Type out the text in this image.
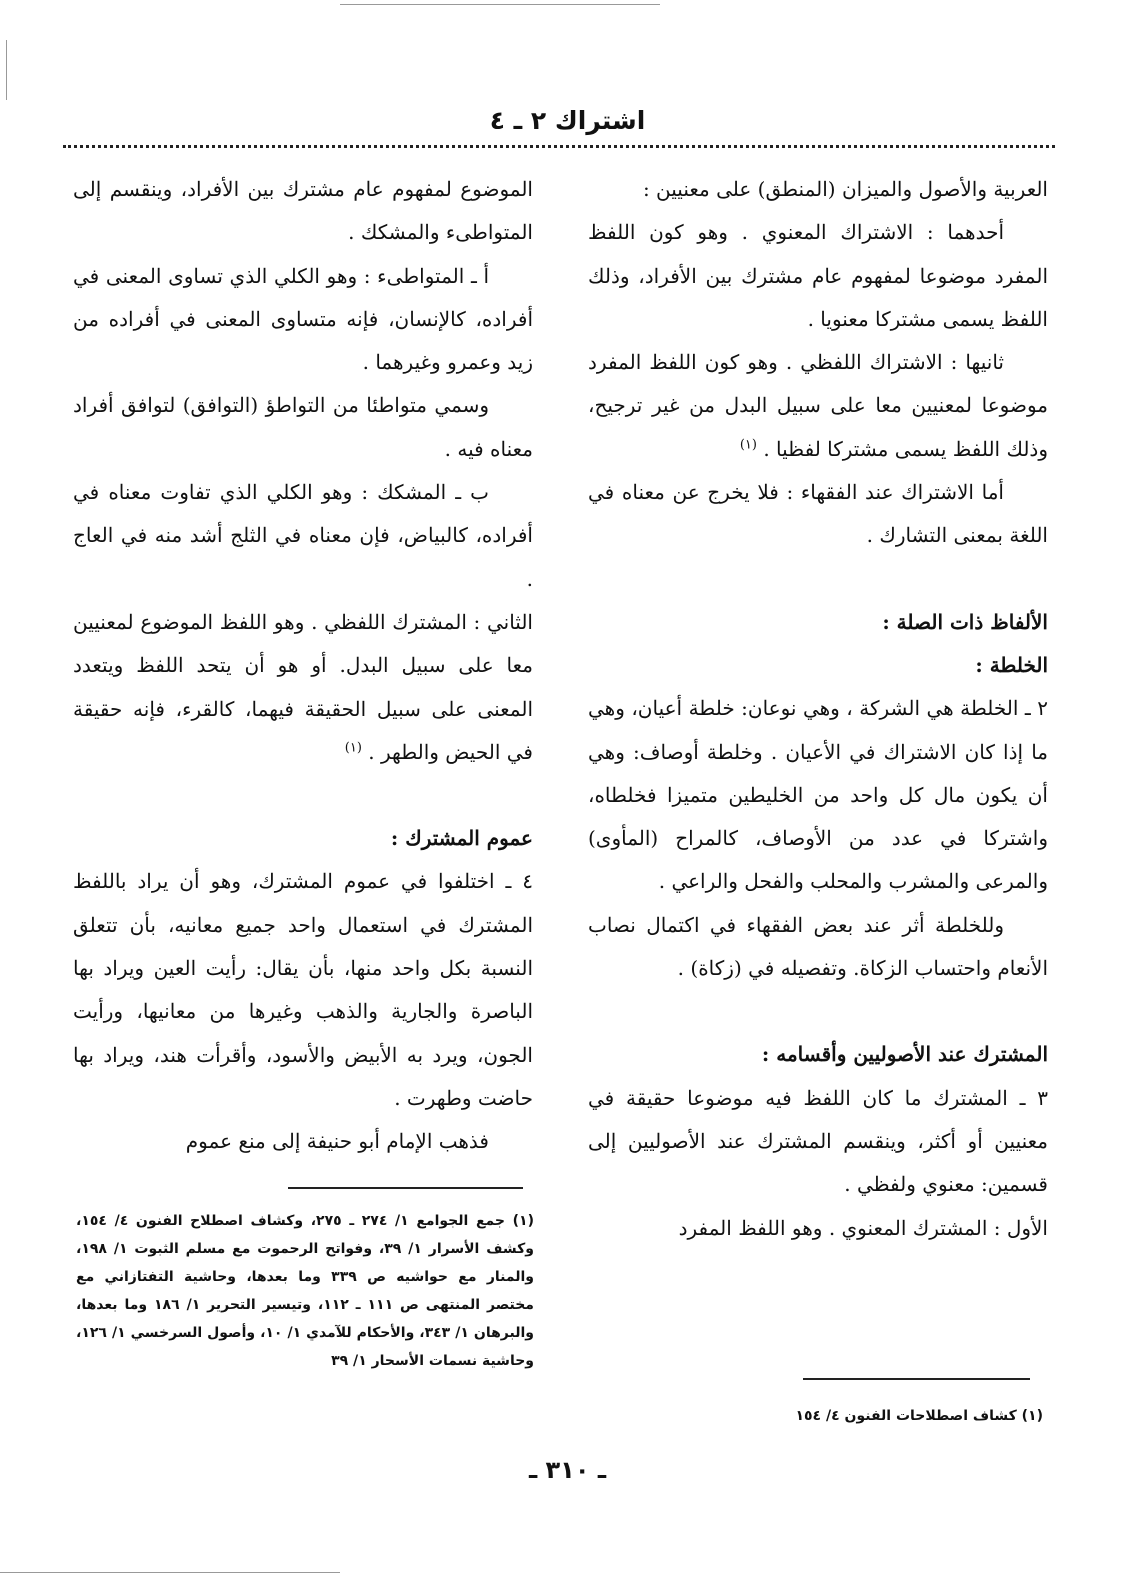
اشتراك ٢ ـ ٤

العربية والأصول والميزان (المنطق) على معنيين :

أحدهما : الاشتراك المعنوي . وهو كون اللفظ المفرد موضوعا لمفهوم عام مشترك بين الأفراد، وذلك اللفظ يسمى مشتركا معنويا .

ثانيها : الاشتراك اللفظي . وهو كون اللفظ المفرد موضوعا لمعنيين معا على سبيل البدل من غير ترجيح، وذلك اللفظ يسمى مشتركا لفظيا . $^{(١)}$

أما الاشتراك عند الفقهاء : فلا يخرج عن معناه في اللغة بمعنى التشارك .

الألفاظ ذات الصلة :

الخلطة :

٢ ـ الخلطة هي الشركة ، وهي نوعان: خلطة أعيان، وهي ما إذا كان الاشتراك في الأعيان . وخلطة أوصاف: وهي أن يكون مال كل واحد من الخليطين متميزا فخلطاه، واشتركا في عدد من الأوصاف، كالمراح (المأوى) والمرعى والمشرب والمحلب والفحل والراعي .

وللخلطة أثر عند بعض الفقهاء في اكتمال نصاب الأنعام واحتساب الزكاة. وتفصيله في (زكاة) .

المشترك عند الأصوليين وأقسامه :

٣ ـ المشترك ما كان اللفظ فيه موضوعا حقيقة في معنيين أو أكثر، وينقسم المشترك عند الأصوليين إلى قسمين: معنوي ولفظي .

الأول : المشترك المعنوي . وهو اللفظ المفرد

الموضوع لمفهوم عام مشترك بين الأفراد، وينقسم إلى المتواطىء والمشكك .

أ ـ المتواطىء : وهو الكلي الذي تساوى المعنى في أفراده، كالإنسان، فإنه متساوى المعنى في أفراده من زيد وعمرو وغيرهما .

وسمي متواطئا من التواطؤ (التوافق) لتوافق أفراد معناه فيه .

ب ـ المشكك : وهو الكلي الذي تفاوت معناه في أفراده، كالبياض، فإن معناه في الثلج أشد منه في العاج .

الثاني : المشترك اللفظي . وهو اللفظ الموضوع لمعنيين معا على سبيل البدل. أو هو أن يتحد اللفظ ويتعدد المعنى على سبيل الحقيقة فيهما، كالقرء، فإنه حقيقة في الحيض والطهر . $^{(١)}$

عموم المشترك :

٤ ـ اختلفوا في عموم المشترك، وهو أن يراد باللفظ المشترك في استعمال واحد جميع معانيه، بأن تتعلق النسبة بكل واحد منها، بأن يقال: رأيت العين ويراد بها الباصرة والجارية والذهب وغيرها من معانيها، ورأيت الجون، ويرد به الأبيض والأسود، وأقرأت هند، ويراد بها حاضت وطهرت .

فذهب الإمام أبو حنيفة إلى منع عموم

(١) جمع الجوامع ١/ ٢٧٤ ـ ٢٧٥، وكشاف اصطلاح الفنون ٤/ ١٥٤، وكشف الأسرار ١/ ٣٩، وفواتح الرحموت مع مسلم الثبوت ١/ ١٩٨، والمنار مع حواشيه ص ٣٣٩ وما بعدها، وحاشية التفتازاني مع مختصر المنتهى ص ١١١ ـ ١١٢، وتيسير التحرير ١/ ١٨٦ وما بعدها، والبرهان ١/ ٣٤٣، والأحكام للآمدي ١/ ١٠، وأصول السرخسي ١/ ١٢٦، وحاشية نسمات الأسحار ١/ ٣٩
(١) كشاف اصطلاحات الفنون ٤/ ١٥٤
ـ ٣١٠ ـ
